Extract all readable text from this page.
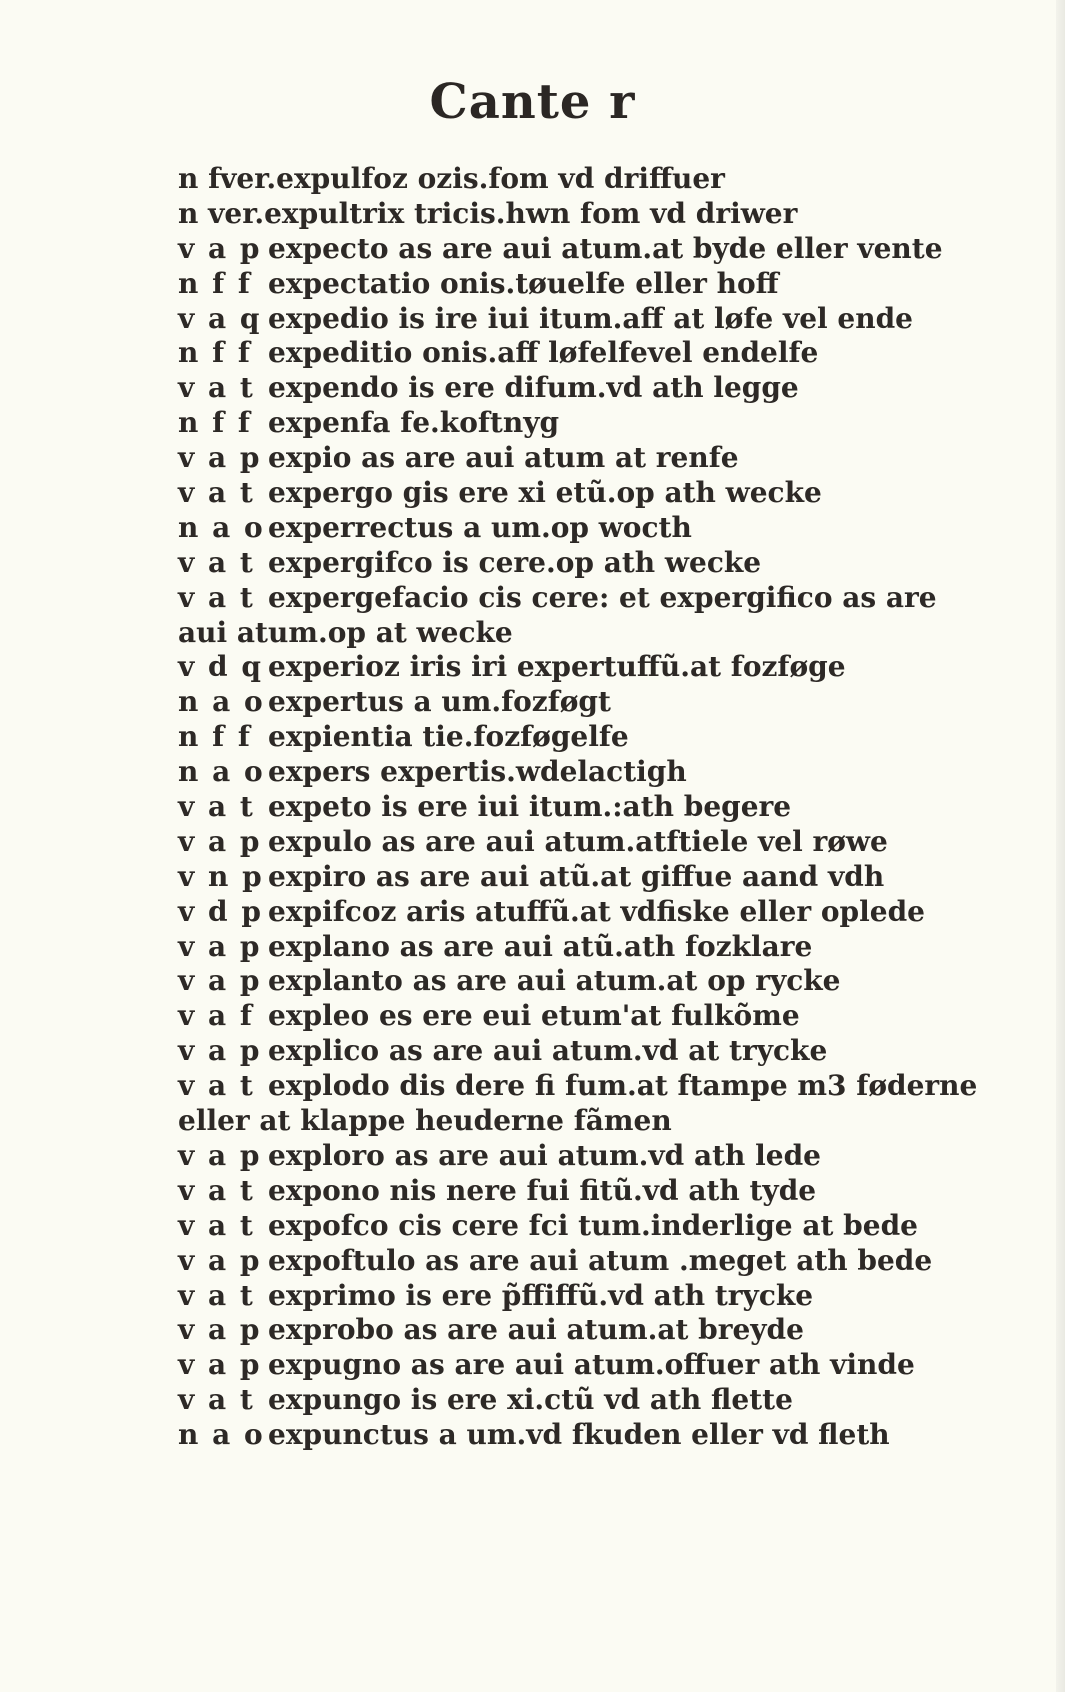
Cante r
n fver.expulfoz ozis.fom vd driffuer
n ver.expultrix tricis.hwn fom vd driwer
v a p expecto as are aui atum.at byde eller vente
n f f expectatio onis.tøuelfe eller hoff
v a q expedio is ire iui itum.aff at løfe vel ende
n f f expeditio onis.aff løfelfevel endelfe
v a t expendo is ere difum.vd ath legge
n f f expenfa fe.koftnyg
v a p expio as are aui atum at renfe
v a t expergo gis ere xi etũ.op ath wecke
n a o experrectus a um.op wocth
v a t expergifco is cere.op ath wecke
v a t expergefacio cis cere: et expergifico as are
aui atum.op at wecke
v d q experioz iris iri expertuffũ.at fozføge
n a o expertus a um.fozføgt
n f f expientia tie.fozføgelfe
n a o expers expertis.wdelactigh
v a t expeto is ere iui itum.:ath begere
v a p expulo as are aui atum.atftiele vel røwe
v n p expiro as are aui atũ.at giffue aand vdh
v d p expifcoz aris atuffũ.at vdfiske eller oplede
v a p explano as are aui atũ.ath fozklare
v a p explanto as are aui atum.at op rycke
v a f expleo es ere eui etum'at fulkõme
v a p explico as are aui atum.vd at trycke
v a t explodo dis dere fi fum.at ftampe m3 føderne
eller at klappe heuderne fãmen
v a p exploro as are aui atum.vd ath lede
v a t expono nis nere fui fitũ.vd ath tyde
v a t expofco cis cere fci tum.inderlige at bede
v a p expoftulo as are aui atum .meget ath bede
v a t exprimo is ere p̃ffiffũ.vd ath trycke
v a p exprobo as are aui atum.at breyde
v a p expugno as are aui atum.offuer ath vinde
v a t expungo is ere xi.ctũ vd ath flette
n a o expunctus a um.vd fkuden eller vd fleth
